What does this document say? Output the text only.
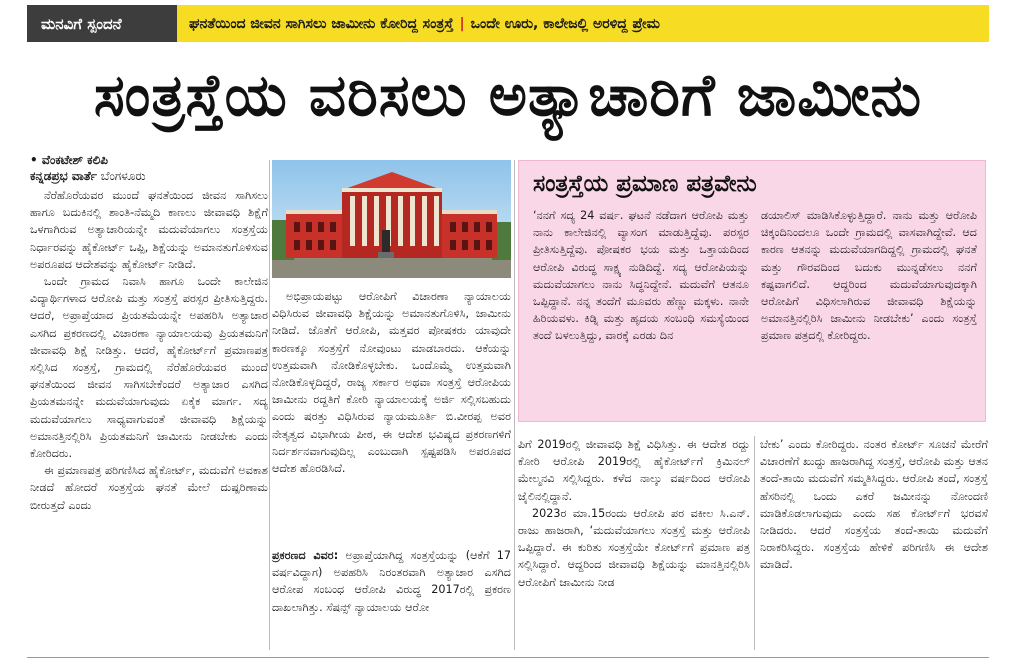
ಮನವಿಗೆ ಸ್ಪಂದನೆ	ಘನತೆಯಿಂದ ಜೀವನ ಸಾಗಿಸಲು ಜಾಮೀನು ಕೋರಿದ್ದ ಸಂತ್ರಸ್ತೆ | ಒಂದೇ ಊರು, ಕಾಲೇಜಲ್ಲಿ ಅರಳಿದ್ದ ಪ್ರೇಮ
ಸಂತ್ರಸ್ತೆಯ ವರಿಸಲು ಅತ್ಯಾಚಾರಿಗೆ ಜಾಮೀನು
• ವೆಂಕಟೇಶ್ ಕಲಿಪಿ
ಕನ್ನಡಪ್ರಭ ವಾರ್ತೆ ಬೆಂಗಳೂರು

ನೆರೆಹೊರೆಯವರ ಮುಂದೆ ಘನತೆಯಿಂದ ಜೀವನ ಸಾಗಿಸಲು ಹಾಗೂ ಬದುಕಿನಲ್ಲಿ ಶಾಂತಿ-ನೆಮ್ಮದಿ ಕಾಣಲು ಜೀವಾವಧಿ ಶಿಕ್ಷೆಗೆ ಒಳಗಾಗಿರುವ ಅತ್ಯಾಚಾರಿಯನ್ನೇ ಮದುವೆಯಾಗಲು ಸಂತ್ರಸ್ತೆಯ ನಿರ್ಧಾರವನ್ನು ಹೈಕೋರ್ಟ್ ಒಪ್ಪಿ, ಶಿಕ್ಷೆಯನ್ನು ಅಮಾನತುಗೊಳಿಸುವ ಅಪರೂಪದ ಆದೇಶವನ್ನು ಹೈಕೋರ್ಟ್ ನೀಡಿದೆ.

ಒಂದೇ ಗ್ರಾಮದ ನಿವಾಸಿ ಹಾಗೂ ಒಂದೇ ಕಾಲೇಜಿನ ವಿದ್ಯಾರ್ಥಿಗಳಾದ ಆರೋಪಿ ಮತ್ತು ಸಂತ್ರಸ್ತೆ ಪರಸ್ಪರ ಪ್ರೀತಿಸುತ್ತಿದ್ದರು. ಆದರೆ, ಅಪ್ರಾಪ್ತೆಯಾದ ಪ್ರಿಯತಮೆಯನ್ನೇ ಅಪಹರಿಸಿ ಅತ್ಯಾಚಾರ ಎಸಗಿದ ಪ್ರಕರಣದಲ್ಲಿ ವಿಚಾರಣಾ ನ್ಯಾಯಾಲಯವು ಪ್ರಿಯತಮನಿಗೆ ಜೀವಾವಧಿ ಶಿಕ್ಷೆ ನೀಡಿತ್ತು. ಆದರೆ, ಹೈಕೋರ್ಟ್‌ಗೆ ಪ್ರಮಾಣಪತ್ರ ಸಲ್ಲಿಸಿದ ಸಂತ್ರಸ್ತೆ, ಗ್ರಾಮದಲ್ಲಿ ನೆರೆಹೊರೆಯವರ ಮುಂದೆ ಘನತೆಯಿಂದ ಜೀವನ ಸಾಗಿಸಬೇಕೆಂದರೆ ಅತ್ಯಾಚಾರ ಎಸಗಿದ ಪ್ರಿಯತಮನನ್ನೇ ಮದುವೆಯಾಗುವುದು ಏಕೈಕ ಮಾರ್ಗ. ಸದ್ಯ ಮದುವೆಯಾಗಲು ಸಾಧ್ಯವಾಗುವಂತೆ ಜೀವಾವಧಿ ಶಿಕ್ಷೆಯನ್ನು ಅಮಾನತ್ತಿನಲ್ಲಿರಿಸಿ ಪ್ರಿಯತಮನಿಗೆ ಜಾಮೀನು ನೀಡಬೇಕು ಎಂದು ಕೋರಿದರು.

ಈ ಪ್ರಮಾಣಪತ್ರ ಪರಿಗಣಿಸಿದ ಹೈಕೋರ್ಟ್, ಮದುವೆಗೆ ಅವಕಾಶ ನೀಡದೆ ಹೋದರೆ ಸಂತ್ರಸ್ತೆಯ ಘನತೆ ಮೇಲೆ ದುಷ್ಪರಿಣಾಮ ಬೀರುತ್ತದೆ ಎಂದು

ಅಭಿಪ್ರಾಯಪಟ್ಟು ಆರೋಪಿಗೆ ವಿಚಾರಣಾ ನ್ಯಾಯಾಲಯ ವಿಧಿಸಿರುವ ಜೀವಾವಧಿ ಶಿಕ್ಷೆಯನ್ನು ಅಮಾನತುಗೊಳಿಸಿ, ಜಾಮೀನು ನೀಡಿದೆ. ಜೊತೆಗೆ ಆರೋಪಿ, ಮತ್ತವರ ಪೋಷಕರು ಯಾವುದೇ ಕಾರಣಕ್ಕೂ ಸಂತ್ರಸ್ತೆಗೆ ನೋವುಂಟು ಮಾಡಬಾರದು. ಆಕೆಯನ್ನು ಉತ್ತಮವಾಗಿ ನೋಡಿಕೊಳ್ಳಬೇಕು. ಒಂದೊಮ್ಮೆ ಉತ್ತಮವಾಗಿ ನೋಡಿಕೊಳ್ಳದಿದ್ದರೆ, ರಾಜ್ಯ ಸರ್ಕಾರ ಅಥವಾ ಸಂತ್ರಸ್ತೆ ಆರೋಪಿಯ ಜಾಮೀನು ರದ್ದತಿಗೆ ಕೋರಿ ನ್ಯಾಯಾಲಯಕ್ಕೆ ಅರ್ಜಿ ಸಲ್ಲಿಸಬಹುದು ಎಂದು ಷರತ್ತು ವಿಧಿಸಿರುವ ನ್ಯಾಯಮೂರ್ತಿ ಬಿ.ವೀರಪ್ಪ ಅವರ ನೇತೃತ್ವದ ವಿಭಾಗೀಯ ಪೀಠ, ಈ ಆದೇಶ ಭವಿಷ್ಯದ ಪ್ರಕರಣಗಳಿಗೆ ನಿರ್ದರ್ಶನವಾಗುವುದಿಲ್ಲ ಎಂಬುದಾಗಿ ಸ್ಪಷ್ಟಪಡಿಸಿ ಅಪರೂಪದ ಆದೇಶ ಹೊರಡಿಸಿದೆ.

ಪ್ರಕರಣದ ವಿವರ: ಅಪ್ರಾಪ್ತೆಯಾಗಿದ್ದ ಸಂತ್ರಸ್ತೆಯನ್ನು (ಆಕೆಗೆ 17 ವರ್ಷವಿದ್ದಾಗ) ಅಪಹರಿಸಿ ನಿರಂತರವಾಗಿ ಅತ್ಯಾಚಾರ ಎಸಗಿದ ಆರೋಪ ಸಂಬಂಧ ಆರೋಪಿ ವಿರುದ್ಧ 2017ರಲ್ಲಿ ಪ್ರಕರಣ ದಾಖಲಾಗಿತ್ತು. ಸೆಷನ್ಸ್ ನ್ಯಾಯಾಲಯ ಆರೋ

ಸಂತ್ರಸ್ತೆಯ ಪ್ರಮಾಣ ಪತ್ರವೇನು
‘ನನಗೆ ಸದ್ಯ 24 ವರ್ಷ. ಘಟನೆ ನಡೆದಾಗ ಆರೋಪಿ ಮತ್ತು ನಾನು ಕಾಲೇಜಿನಲ್ಲಿ ವ್ಯಾಸಂಗ ಮಾಡುತ್ತಿದ್ದೆವು. ಪರಸ್ಪರ ಪ್ರೀತಿಸುತ್ತಿದ್ದೆವು. ಪೋಷಕರ ಭಯ ಮತ್ತು ಒತ್ತಾಯದಿಂದ ಆರೋಪಿ ವಿರುದ್ಧ ಸಾಕ್ಷ್ಯ ನುಡಿದಿದ್ದೆ. ಸದ್ಯ ಆರೋಪಿಯನ್ನು ಮದುವೆಯಾಗಲು ನಾನು ಸಿದ್ಧನಿದ್ದೇನೆ. ಮದುವೆಗೆ ಆತನೂ ಒಪ್ಪಿದ್ದಾನೆ. ನನ್ನ ತಂದೆಗೆ ಮೂವರು ಹೆಣ್ಣು ಮಕ್ಕಳು. ನಾನೇ ಹಿರಿಯವಳು. ಕಿಡ್ನಿ ಮತ್ತು ಹೃದಯ ಸಂಬಂಧಿ ಸಮಸ್ಯೆಯಿಂದ ತಂದೆ ಬಳಲುತ್ತಿದ್ದು, ವಾರಕ್ಕೆ ಎರಡು ದಿನ
ಡಯಾಲಿಸ್ ಮಾಡಿಸಿಕೊಳ್ಳುತ್ತಿದ್ದಾರೆ. ನಾನು ಮತ್ತು ಆರೋಪಿ ಚಿಕ್ಕಂದಿನಿಂದಲೂ ಒಂದೇ ಗ್ರಾಮದಲ್ಲಿ ವಾಸವಾಗಿದ್ದೇವೆ. ಆದ ಕಾರಣ ಆತನನ್ನು ಮದುವೆಯಾಗದಿದ್ದಲ್ಲಿ ಗ್ರಾಮದಲ್ಲಿ ಘನತೆ ಮತ್ತು ಗೌರವದಿಂದ ಬದುಕು ಮುನ್ನಡೆಸಲು ನನಗೆ ಕಷ್ಟವಾಗಲಿದೆ. ಆದ್ದರಿಂದ ಮದುವೆಯಾಗುವುದಕ್ಕಾಗಿ ಆರೋಪಿಗೆ ವಿಧಿಸಲಾಗಿರುವ ಜೀವಾವಧಿ ಶಿಕ್ಷೆಯನ್ನು ಅಮಾನತ್ತಿನಲ್ಲಿರಿಸಿ ಜಾಮೀನು ನೀಡಬೇಕು’ ಎಂದು ಸಂತ್ರಸ್ತೆ ಪ್ರಮಾಣ ಪತ್ರದಲ್ಲಿ ಕೋರಿದ್ದರು.

ಪಿಗೆ 2019ರಲ್ಲಿ ಜೀವಾವಧಿ ಶಿಕ್ಷೆ ವಿಧಿಸಿತ್ತು. ಈ ಆದೇಶ ರದ್ದು ಕೋರಿ ಆರೋಪಿ 2019ರಲ್ಲಿ ಹೈಕೋರ್ಟ್‌ಗೆ ಕ್ರಿಮಿನಲ್ ಮೇಲ್ಮನವಿ ಸಲ್ಲಿಸಿದ್ದರು. ಕಳೆದ ನಾಲ್ಕು ವರ್ಷದಿಂದ ಆರೋಪಿ ಜೈಲಿನಲ್ಲಿದ್ದಾನೆ.

2023ರ ಮಾ.15ರಂದು ಆರೋಪಿ ಪರ ವಕೀಲ ಸಿ.ಎನ್. ರಾಜು ಹಾಜರಾಗಿ, ‘ಮದುವೆಯಾಗಲು ಸಂತ್ರಸ್ತೆ ಮತ್ತು ಆರೋಪಿ ಒಪ್ಪಿದ್ದಾರೆ. ಈ ಕುರಿತು ಸಂತ್ರಸ್ತೆಯೇ ಕೋರ್ಟ್‌ಗೆ ಪ್ರಮಾಣ ಪತ್ರ ಸಲ್ಲಿಸಿದ್ದಾರೆ. ಆದ್ದರಿಂದ ಜೀವಾವಧಿ ಶಿಕ್ಷೆಯನ್ನು ಮಾನತ್ತಿನಲ್ಲಿರಿಸಿ ಆರೋಪಿಗೆ ಜಾಮೀನು ನೀಡ

ಬೇಕು’ ಎಂದು ಕೋರಿದ್ದರು. ನಂತರ ಕೋರ್ಟ್ ಸೂಚನೆ ಮೇರೆಗೆ ವಿಚಾರಣೆಗೆ ಖುದ್ದು ಹಾಜರಾಗಿದ್ದ ಸಂತ್ರಸ್ತೆ, ಆರೋಪಿ ಮತ್ತು ಆತನ ತಂದೆ-ತಾಯಿ ಮದುವೆಗೆ ಸಮ್ಮತಿಸಿದ್ದರು. ಆರೋಪಿ ತಂದೆ, ಸಂತ್ರಸ್ತೆ ಹೆಸರಿನಲ್ಲಿ ಒಂದು ಎಕರೆ ಜಮೀನನ್ನು ನೋಂದಣಿ ಮಾಡಿಕೊಡಲಾಗುವುದು ಎಂದು ಸಹ ಕೋರ್ಟ್‌ಗೆ ಭರವಸೆ ನೀಡಿದರು. ಆದರೆ ಸಂತ್ರಸ್ತೆಯ ತಂದೆ-ತಾಯಿ ಮದುವೆಗೆ ನಿರಾಕರಿಸಿದ್ದರು. ಸಂತ್ರಸ್ತೆಯ ಹೇಳಿಕೆ ಪರಿಗಣಿಸಿ ಈ ಆದೇಶ ಮಾಡಿದೆ.
